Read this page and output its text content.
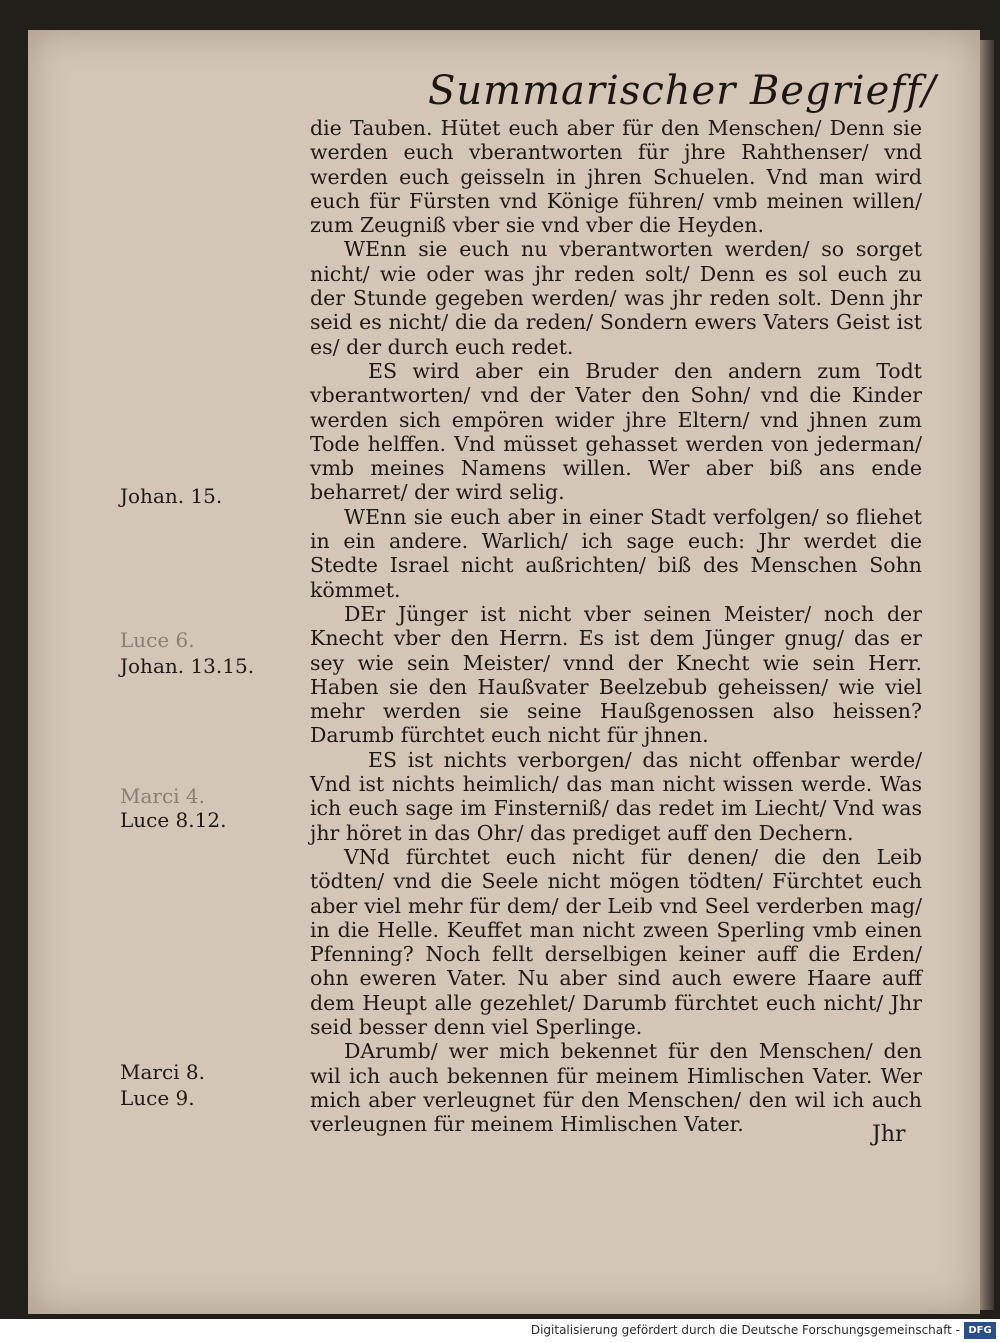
Summarischer Begrieff/

die Tauben. Hütet euch aber für den Menschen/ Denn sie werden euch vberantworten für jhre Rahthenser/ vnd werden euch geisseln in jhren Schuelen. Vnd man wird euch für Fürsten vnd Könige führen/ vmb meinen willen/ zum Zeugniß vber sie vnd vber die Heyden.

WEnn sie euch nu vberantworten werden/ so sorget nicht/ wie oder was jhr reden solt/ Denn es sol euch zu der Stunde gegeben werden/ was jhr reden solt. Denn jhr seid es nicht/ die da reden/ Sondern ewers Vaters Geist ist es/ der durch euch redet.

ES wird aber ein Bruder den andern zum Todt vberantworten/ vnd der Vater den Sohn/ vnd die Kinder werden sich empören wider jhre Eltern/ vnd jhnen zum Tode helffen. Vnd müsset gehasset werden von jederman/ vmb meines Namens willen. Wer aber biß ans ende beharret/ der wird selig.

WEnn sie euch aber in einer Stadt verfolgen/ so fliehet in ein andere. Warlich/ ich sage euch: Jhr werdet die Stedte Israel nicht außrichten/ biß des Menschen Sohn kömmet.

DEr Jünger ist nicht vber seinen Meister/ noch der Knecht vber den Herrn. Es ist dem Jünger gnug/ das er sey wie sein Meister/ vnnd der Knecht wie sein Herr. Haben sie den Haußvater Beelzebub geheissen/ wie viel mehr werden sie seine Haußgenossen also heissen? Darumb fürchtet euch nicht für jhnen.

ES ist nichts verborgen/ das nicht offenbar werde/ Vnd ist nichts heimlich/ das man nicht wissen werde. Was ich euch sage im Finsterniß/ das redet im Liecht/ Vnd was jhr höret in das Ohr/ das prediget auff den Dechern.

VNd fürchtet euch nicht für denen/ die den Leib tödten/ vnd die Seele nicht mögen tödten/ Fürchtet euch aber viel mehr für dem/ der Leib vnd Seel verderben mag/ in die Helle. Keuffet man nicht zween Sperling vmb einen Pfenning? Noch fellt derselbigen keiner auff die Erden/ ohn eweren Vater. Nu aber sind auch ewere Haare auff dem Heupt alle gezehlet/ Darumb fürchtet euch nicht/ Jhr seid besser denn viel Sperlinge.

DArumb/ wer mich bekennet für den Menschen/ den wil ich auch bekennen für meinem Himlischen Vater. Wer mich aber verleugnet für den Menschen/ den wil ich auch verleugnen für meinem Himlischen Vater.	Jhr
Johan. 15.
Luce 6.
Johan. 13.15.
Marci 4.
Luce 8.12.
Marci 8.
Luce 9.
Digitalisierung gefördert durch die Deutsche Forschungsgemeinschaft - DFG
